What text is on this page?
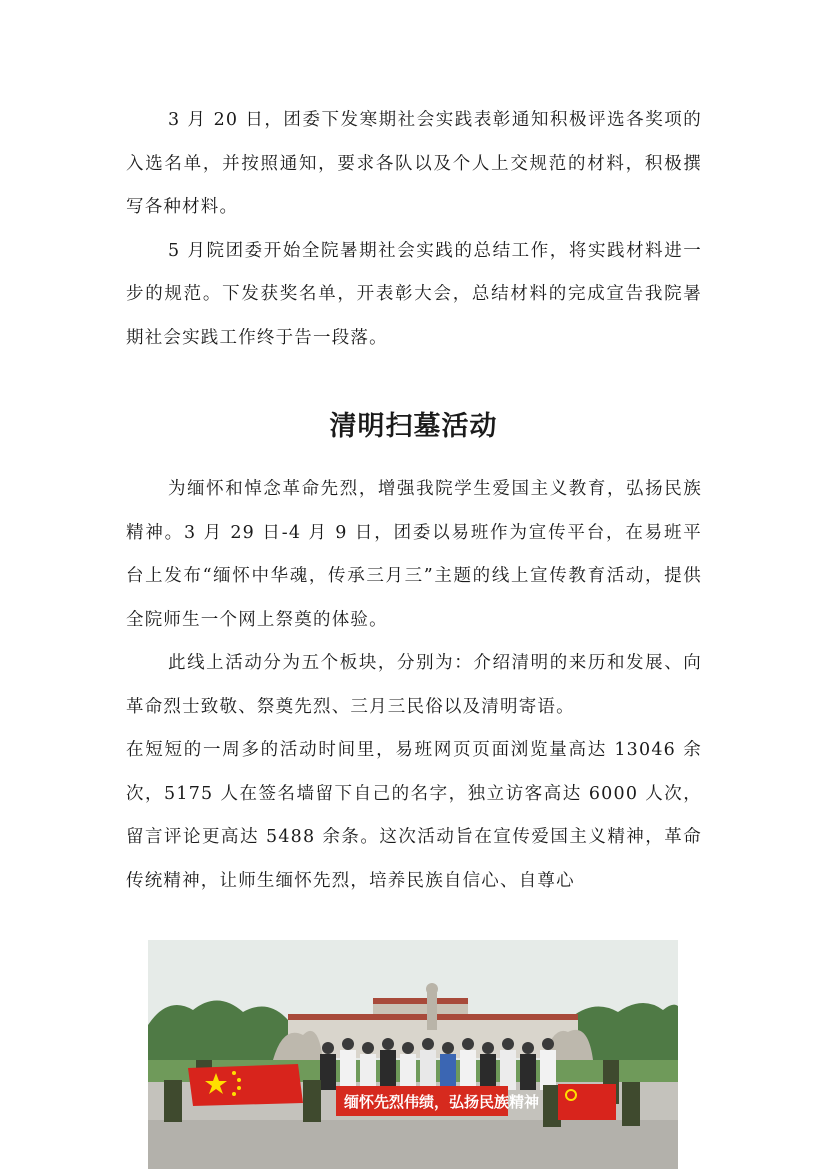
3 月 20 日，团委下发寒期社会实践表彰通知积极评选各奖项的入选名单，并按照通知，要求各队以及个人上交规范的材料，积极撰写各种材料。

5 月院团委开始全院暑期社会实践的总结工作，将实践材料进一步的规范。下发获奖名单，开表彰大会，总结材料的完成宣告我院暑期社会实践工作终于告一段落。

清明扫墓活动

为缅怀和悼念革命先烈，增强我院学生爱国主义教育，弘扬民族精神。3 月 29 日-4 月 9 日，团委以易班作为宣传平台，在易班平台上发布“缅怀中华魂，传承三月三”主题的线上宣传教育活动，提供全院师生一个网上祭奠的体验。

此线上活动分为五个板块，分别为：介绍清明的来历和发展、向革命烈士致敬、祭奠先烈、三月三民俗以及清明寄语。

在短短的一周多的活动时间里，易班网页页面浏览量高达 13046 余次，5175 人在签名墙留下自己的名字，独立访客高达 6000 人次，留言评论更高达 5488 余条。这次活动旨在宣传爱国主义精神，革命传统精神，让师生缅怀先烈，培养民族自信心、自尊心

缅怀先烈伟绩，弘扬民族精神
